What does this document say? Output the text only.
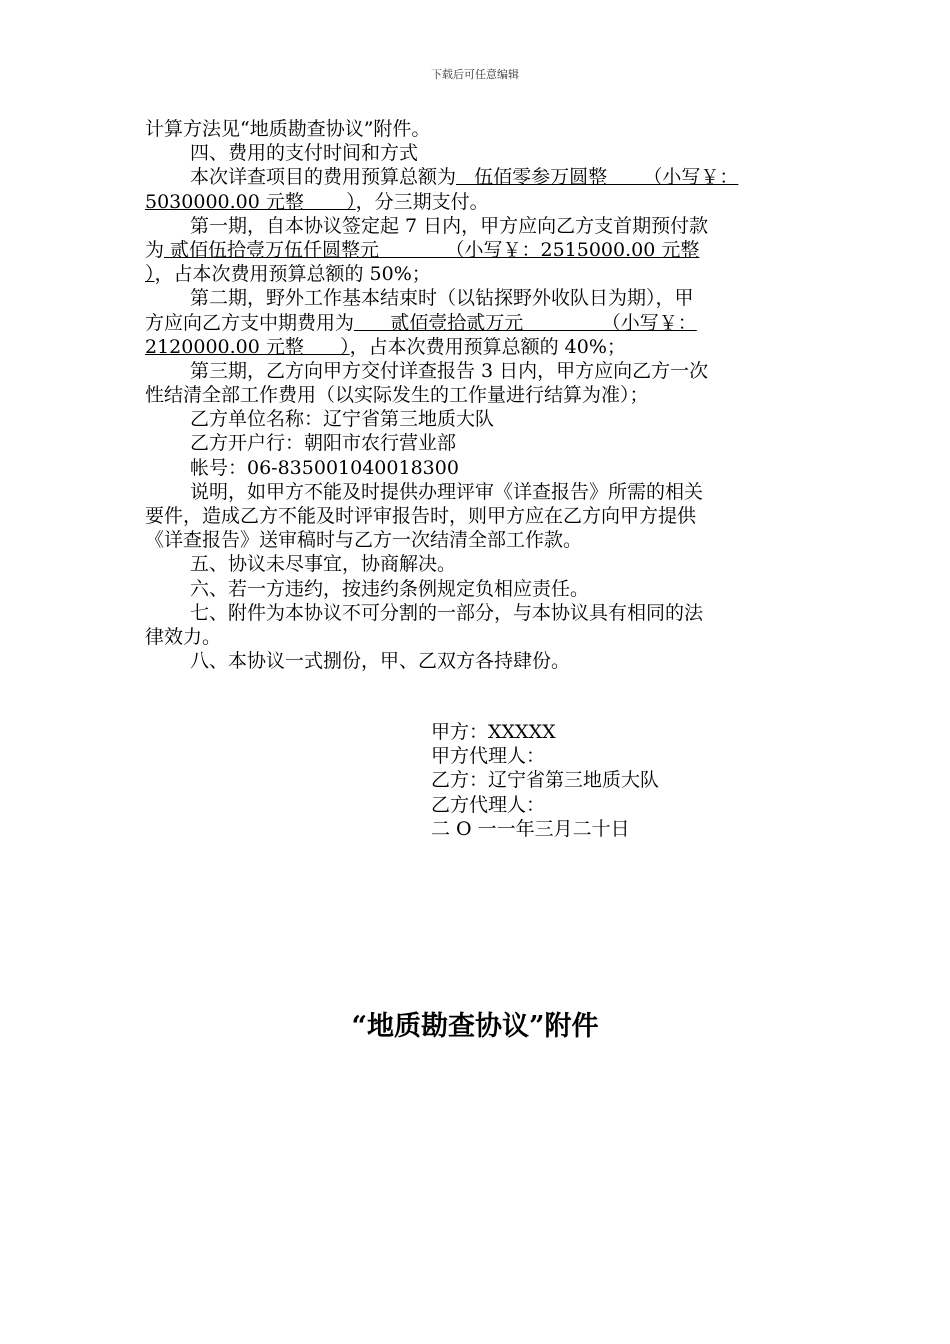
下载后可任意编辑
计算方法见“地质勘查协议”附件。
四、费用的支付时间和方式
本次详查项目的费用预算总额为   伍佰零参万圆整      （小写￥：
5030000.00 元整       ），分三期支付。
第一期，自本协议签定起 7 日内，甲方应向乙方支首期预付款
为 贰佰伍拾壹万伍仟圆整元           （小写￥：2515000.00 元整
），占本次费用预算总额的 50%；
第二期，野外工作基本结束时（以钻探野外收队日为期），甲
方应向乙方支中期费用为      贰佰壹拾贰万元             （小写￥：
2120000.00 元整      ），占本次费用预算总额的 40%；
第三期，乙方向甲方交付详查报告 3 日内，甲方应向乙方一次
性结清全部工作费用（以实际发生的工作量进行结算为准）；
乙方单位名称：辽宁省第三地质大队
乙方开户行：朝阳市农行营业部
帐号：06-835001040018300
说明，如甲方不能及时提供办理评审《详查报告》所需的相关
要件，造成乙方不能及时评审报告时，则甲方应在乙方向甲方提供
《详查报告》送审稿时与乙方一次结清全部工作款。
五、协议未尽事宜，协商解决。
六、若一方违约，按违约条例规定负相应责任。
七、附件为本协议不可分割的一部分，与本协议具有相同的法
律效力。
八、本协议一式捌份，甲、乙双方各持肆份。
甲方：XXXXX
甲方代理人：
乙方：辽宁省第三地质大队
乙方代理人：
二 O 一一年三月二十日
“地质勘查协议”附件
